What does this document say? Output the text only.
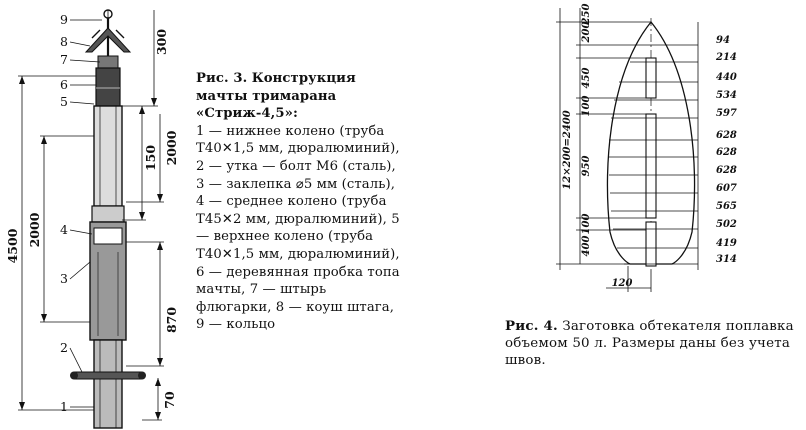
9
8
7
6
5
4
3
2
1
4500 2000
300
2000
150
870
70
Рис. 3. Конструкция мачты тримарана «Стриж-4,5»:
1 — нижнее колено (труба Т40✕1,5 мм, дюралюминий), 2 — утка — болт М6 (сталь), 3 — заклепка ⌀5 мм (сталь), 4 — среднее колено (труба Т45✕2 мм, дюралюминий), 5 — верхнее колено (труба Т40✕1,5 мм, дюралюминий), 6 — деревянная пробка топа мачты, 7 — штырь флюгарки, 8 — коуш штага, 9 — кольцо
94
214
440
534
597
628
628
628
607
565
502
419
314
250
200
450
100
950
100
400
12×200=2400
120
Рис. 4. Заготовка обтекателя поплавка объемом 50 л. Размеры даны без учета швов.
